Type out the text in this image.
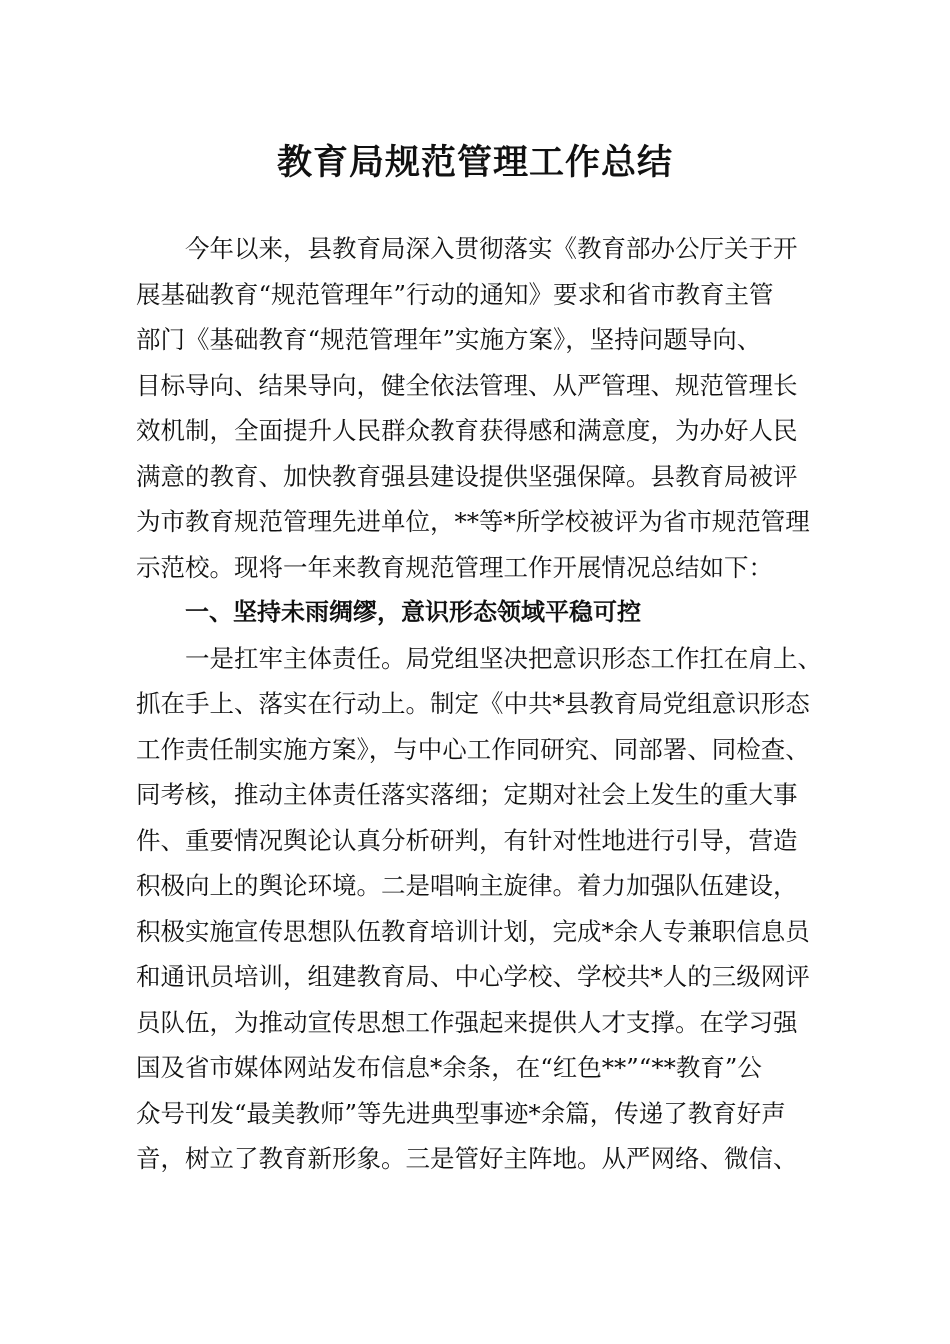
教育局规范管理工作总结
今年以来，县教育局深入贯彻落实《教育部办公厅关于开
展基础教育“规范管理年”行动的通知》要求和省市教育主管
部门《基础教育“规范管理年”实施方案》，坚持问题导向、
目标导向、结果导向，健全依法管理、从严管理、规范管理长
效机制，全面提升人民群众教育获得感和满意度，为办好人民
满意的教育、加快教育强县建设提供坚强保障。县教育局被评
为市教育规范管理先进单位，**等*所学校被评为省市规范管理
示范校。现将一年来教育规范管理工作开展情况总结如下：
一、坚持未雨绸缪，意识形态领域平稳可控
一是扛牢主体责任。局党组坚决把意识形态工作扛在肩上、
抓在手上、落实在行动上。制定《中共*县教育局党组意识形态
工作责任制实施方案》，与中心工作同研究、同部署、同检查、
同考核，推动主体责任落实落细；定期对社会上发生的重大事
件、重要情况舆论认真分析研判，有针对性地进行引导，营造
积极向上的舆论环境。二是唱响主旋律。着力加强队伍建设，
积极实施宣传思想队伍教育培训计划，完成*余人专兼职信息员
和通讯员培训，组建教育局、中心学校、学校共*人的三级网评
员队伍，为推动宣传思想工作强起来提供人才支撑。在学习强
国及省市媒体网站发布信息*余条，在“红色**”“**教育”公
众号刊发“最美教师”等先进典型事迹*余篇，传递了教育好声
音，树立了教育新形象。三是管好主阵地。从严网络、微信、
